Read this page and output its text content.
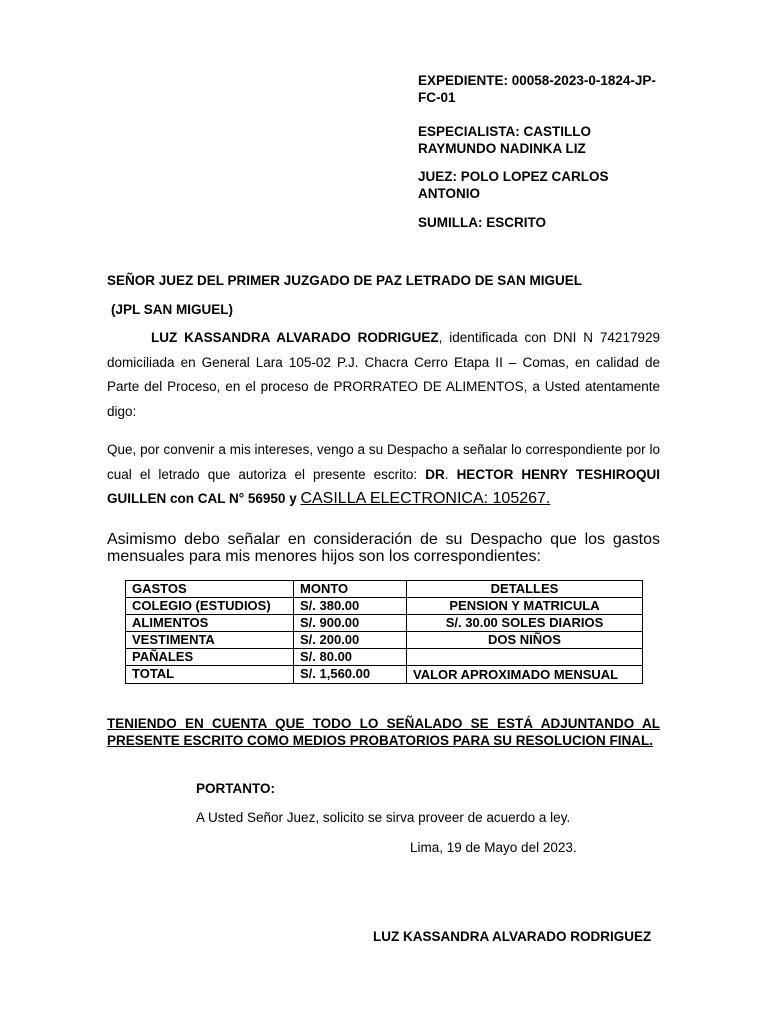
EXPEDIENTE: 00058-2023-0-1824-JP-FC-01
ESPECIALISTA: CASTILLO RAYMUNDO NADINKA LIZ
JUEZ: POLO LOPEZ CARLOS ANTONIO
SUMILLA: ESCRITO
SEÑOR JUEZ DEL PRIMER JUZGADO DE PAZ LETRADO DE SAN MIGUEL
(JPL SAN MIGUEL)
LUZ KASSANDRA ALVARADO RODRIGUEZ, identificada con DNI N 74217929 domiciliada en General Lara 105-02 P.J. Chacra Cerro Etapa II – Comas, en calidad de Parte del Proceso, en el proceso de PRORRATEO DE ALIMENTOS, a Usted atentamente digo:
Que, por convenir a mis intereses, vengo a su Despacho a señalar lo correspondiente por lo cual el letrado que autoriza el presente escrito: DR. HECTOR HENRY TESHIROQUI GUILLEN con CAL N° 56950 y CASILLA ELECTRONICA: 105267.
Asimismo debo señalar en consideración de su Despacho que los gastos mensuales para mis menores hijos son los correspondientes:
GASTOS	MONTO	DETALLES
COLEGIO (ESTUDIOS)	S/. 380.00	PENSION Y MATRICULA
ALIMENTOS	S/. 900.00	S/. 30.00 SOLES DIARIOS
VESTIMENTA	S/. 200.00	DOS NIÑOS
PAÑALES	S/. 80.00	
TOTAL	S/. 1,560.00	VALOR APROXIMADO MENSUAL
TENIENDO EN CUENTA QUE TODO LO SEÑALADO SE ESTÁ ADJUNTANDO AL PRESENTE ESCRITO COMO MEDIOS PROBATORIOS PARA SU RESOLUCION FINAL.
PORTANTO:
A Usted Señor Juez, solicito se sirva proveer de acuerdo a ley.
Lima, 19 de Mayo del 2023.
LUZ KASSANDRA ALVARADO RODRIGUEZ
